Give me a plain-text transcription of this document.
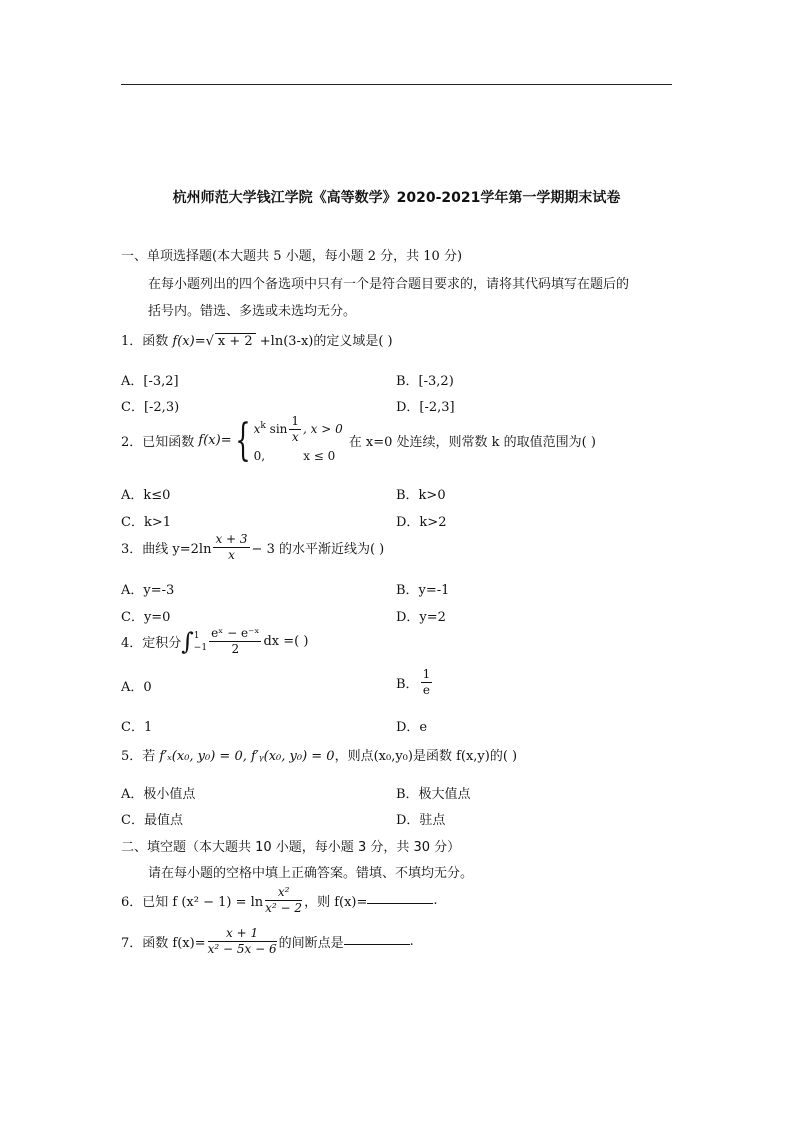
杭州师范大学钱江学院《高等数学》2020-2021学年第一学期期末试卷
一、单项选择题(本大题共 5 小题，每小题 2 分，共 10 分)
在每小题列出的四个备选项中只有一个是符合题目要求的，请将其代码填写在题后的
括号内。错选、多选或未选均无分。
1．函数 f(x)=√ x + 2 +ln(3-x)的定义域是( )
A．[-3,2]	B．[-3,2)
C．[-2,3)	D．[-2,3]
2．已知函数 f(x)={ $x^k$ $\sin \frac{1}{x}$ , x > 0
0,          x ≤ 0
在 x=0 处连续，则常数 k 的取值范围为( )
A．k≤0	B．k>0
C．k>1	D．k>2
3．曲线 $y=2\ln \frac{x + 3}{x} - 3$ 的水平渐近线为( )
A．y=-3	B．y=-1
C．y=0	D．y=2
4．定积分∫ 1
$-1 \frac{\text{eˣ − e⁻ˣ}}{2}$ dx =( )
A．0	B． $\frac{1}{e}$
C．1	D．e
5．若 f′ₓ(x₀, y₀) = 0, f′ᵧ(x₀, y₀) = 0，则点(x₀,y₀)是函数 f(x,y)的( )
A．极小值点	B．极大值点
C．最值点	D．驻点
二、填空题（本大题共 10 小题，每小题 3 分，共 30 分）
请在每小题的空格中填上正确答案。错填、不填均无分。
6．已知 f $(x^2 - 1) = \ln \frac{\text{x²}}{\text{x² − 2}}$ ，则 f(x)=	.
7．函数 $f(x)= \frac{x + 1}{\text{x² − 5x − 6}}$ 的间断点是	.
